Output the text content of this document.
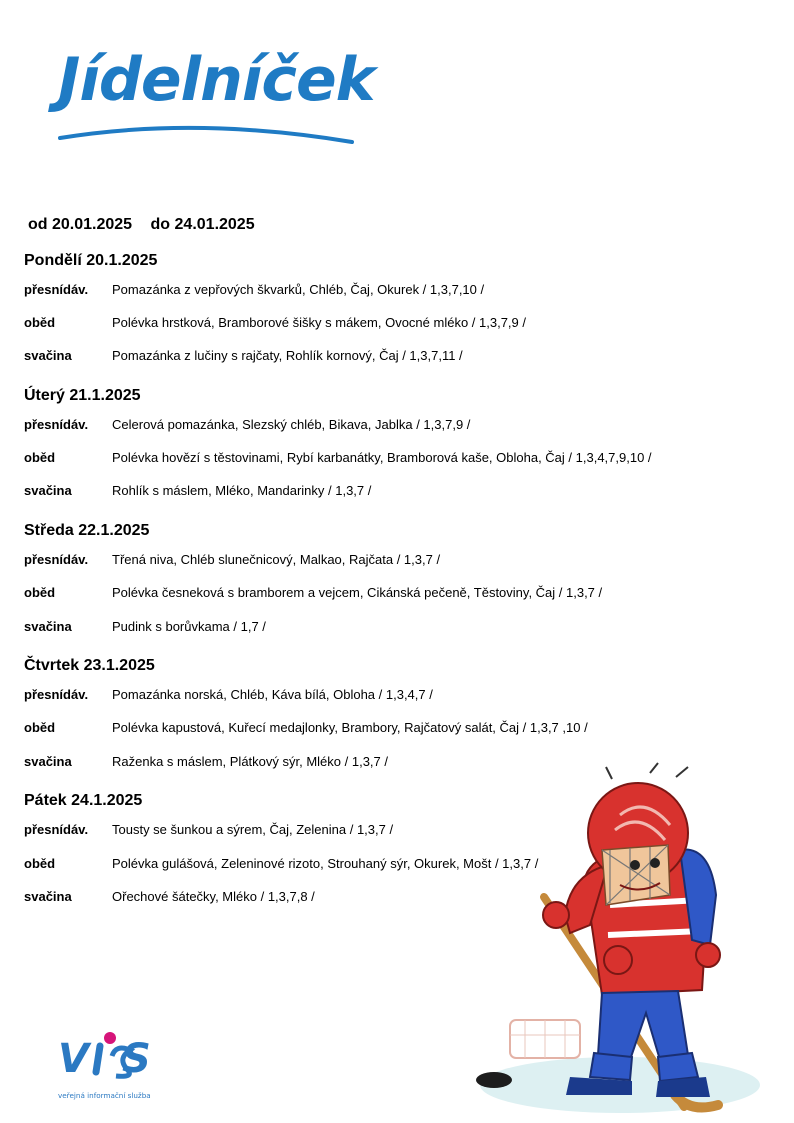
Jídelníček
od 20.01.2025 do 24.01.2025
Pondělí 20.1.2025
přesnídáv. Pomazánka z vepřových škvarků, Chléb, Čaj, Okurek / 1,3,7,10 /
oběd	Polévka hrstková, Bramborové šišky s mákem, Ovocné mléko / 1,3,7,9 /
svačina	Pomazánka z lučiny s rajčaty, Rohlík kornový, Čaj / 1,3,7,11 /
Úterý 21.1.2025
přesnídáv. Celerová pomazánka, Slezský chléb, Bikava, Jablka / 1,3,7,9 /
oběd	Polévka hovězí s těstovinami, Rybí karbanátky, Bramborová kaše, Obloha, Čaj / 1,3,4,7,9,10 /
svačina	Rohlík s máslem, Mléko, Mandarinky / 1,3,7 /
Středa 22.1.2025
přesnídáv. Třená niva, Chléb slunečnicový, Malkao, Rajčata / 1,3,7 /
oběd	Polévka česneková s bramborem a vejcem, Cikánská pečeně, Těstoviny, Čaj / 1,3,7 /
svačina	Pudink s borůvkama / 1,7 /
Čtvrtek 23.1.2025
přesnídáv. Pomazánka norská, Chléb, Káva bílá, Obloha / 1,3,4,7 /
oběd	Polévka kapustová, Kuřecí medajlonky, Brambory, Rajčatový salát, Čaj / 1,3,7 ,10 /
svačina	Raženka s máslem, Plátkový sýr, Mléko / 1,3,7 /
Pátek 24.1.2025
přesnídáv. Tousty se šunkou a sýrem, Čaj, Zelenina / 1,3,7 /
oběd	Polévka gulášová, Zeleninové rizoto, Strouhaný sýr, Okurek, Mošt / 1,3,7 /
svačina	Ořechové šátečky, Mléko / 1,3,7,8 /
V S
veřejná informační služba
